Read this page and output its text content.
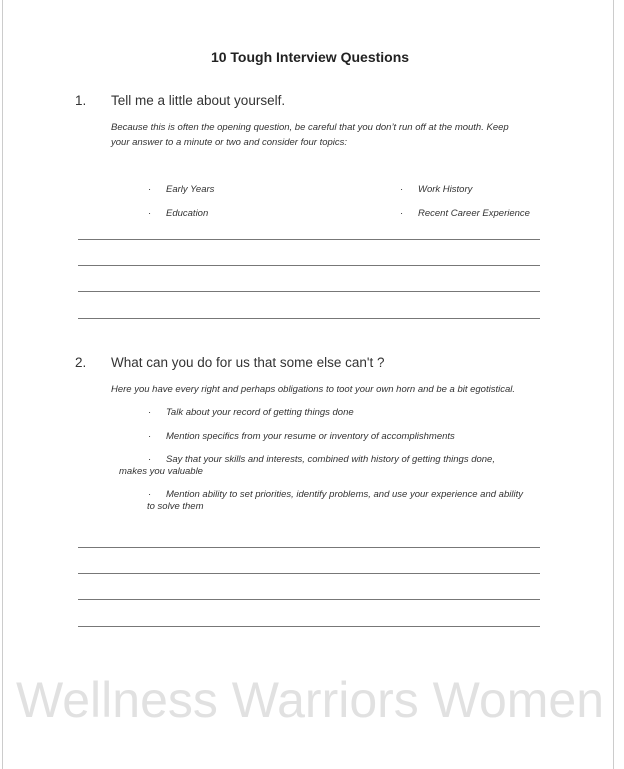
10 Tough Interview Questions
1. Tell me a little about yourself.
Because this is often the opening question, be careful that you don’t run off at the mouth. Keep
your answer to a minute or two and consider four topics:
· Early Years
· Education
· Work History
· Recent Career Experience
2. What can you do for us that some else can't ?
Here you have every right and perhaps obligations to toot your own horn and be a bit egotistical.
· Talk about your record of getting things done
· Mention specifics from your resume or inventory of accomplishments
· Say that your skills and interests, combined with history of getting things done,
makes you valuable
· Mention ability to set priorities, identify problems, and use your experience and ability
to solve them
Wellness Warriors Women
